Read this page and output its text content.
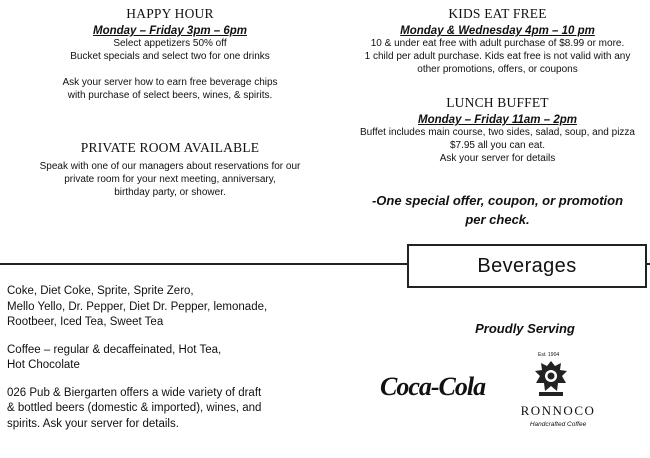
HAPPY HOUR
Monday – Friday 3pm – 6pm
Select appetizers 50% off
Bucket specials and select two for one drinks
Ask your server how to earn free beverage chips
with purchase of select beers, wines, & spirits.
PRIVATE ROOM AVAILABLE
Speak with one of our managers about reservations for our
private room for your next meeting, anniversary,
birthday party, or shower.
KIDS EAT FREE
Monday & Wednesday 4pm – 10 pm
10 & under eat free with adult purchase of $8.99 or more.
1 child per adult purchase. Kids eat free is not valid with any
other promotions, offers, or coupons
LUNCH BUFFET
Monday – Friday 11am – 2pm
Buffet includes main course, two sides, salad, soup, and pizza
$7.95 all you can eat.
Ask your server for details
-One special offer, coupon, or promotion
per check.
Beverages

Coke, Diet Coke, Sprite, Sprite Zero,
Mello Yello, Dr. Pepper, Diet Dr. Pepper, lemonade,
Rootbeer, Iced Tea, Sweet Tea

Coffee – regular & decaffeinated, Hot Tea,
Hot Chocolate

026 Pub & Biergarten offers a wide variety of draft
& bottled beers (domestic & imported), wines, and
spirits. Ask your server for details.

Proudly Serving
Coca-Cola
Est. 1904
RONNOCO
Handcrafted Coffee
